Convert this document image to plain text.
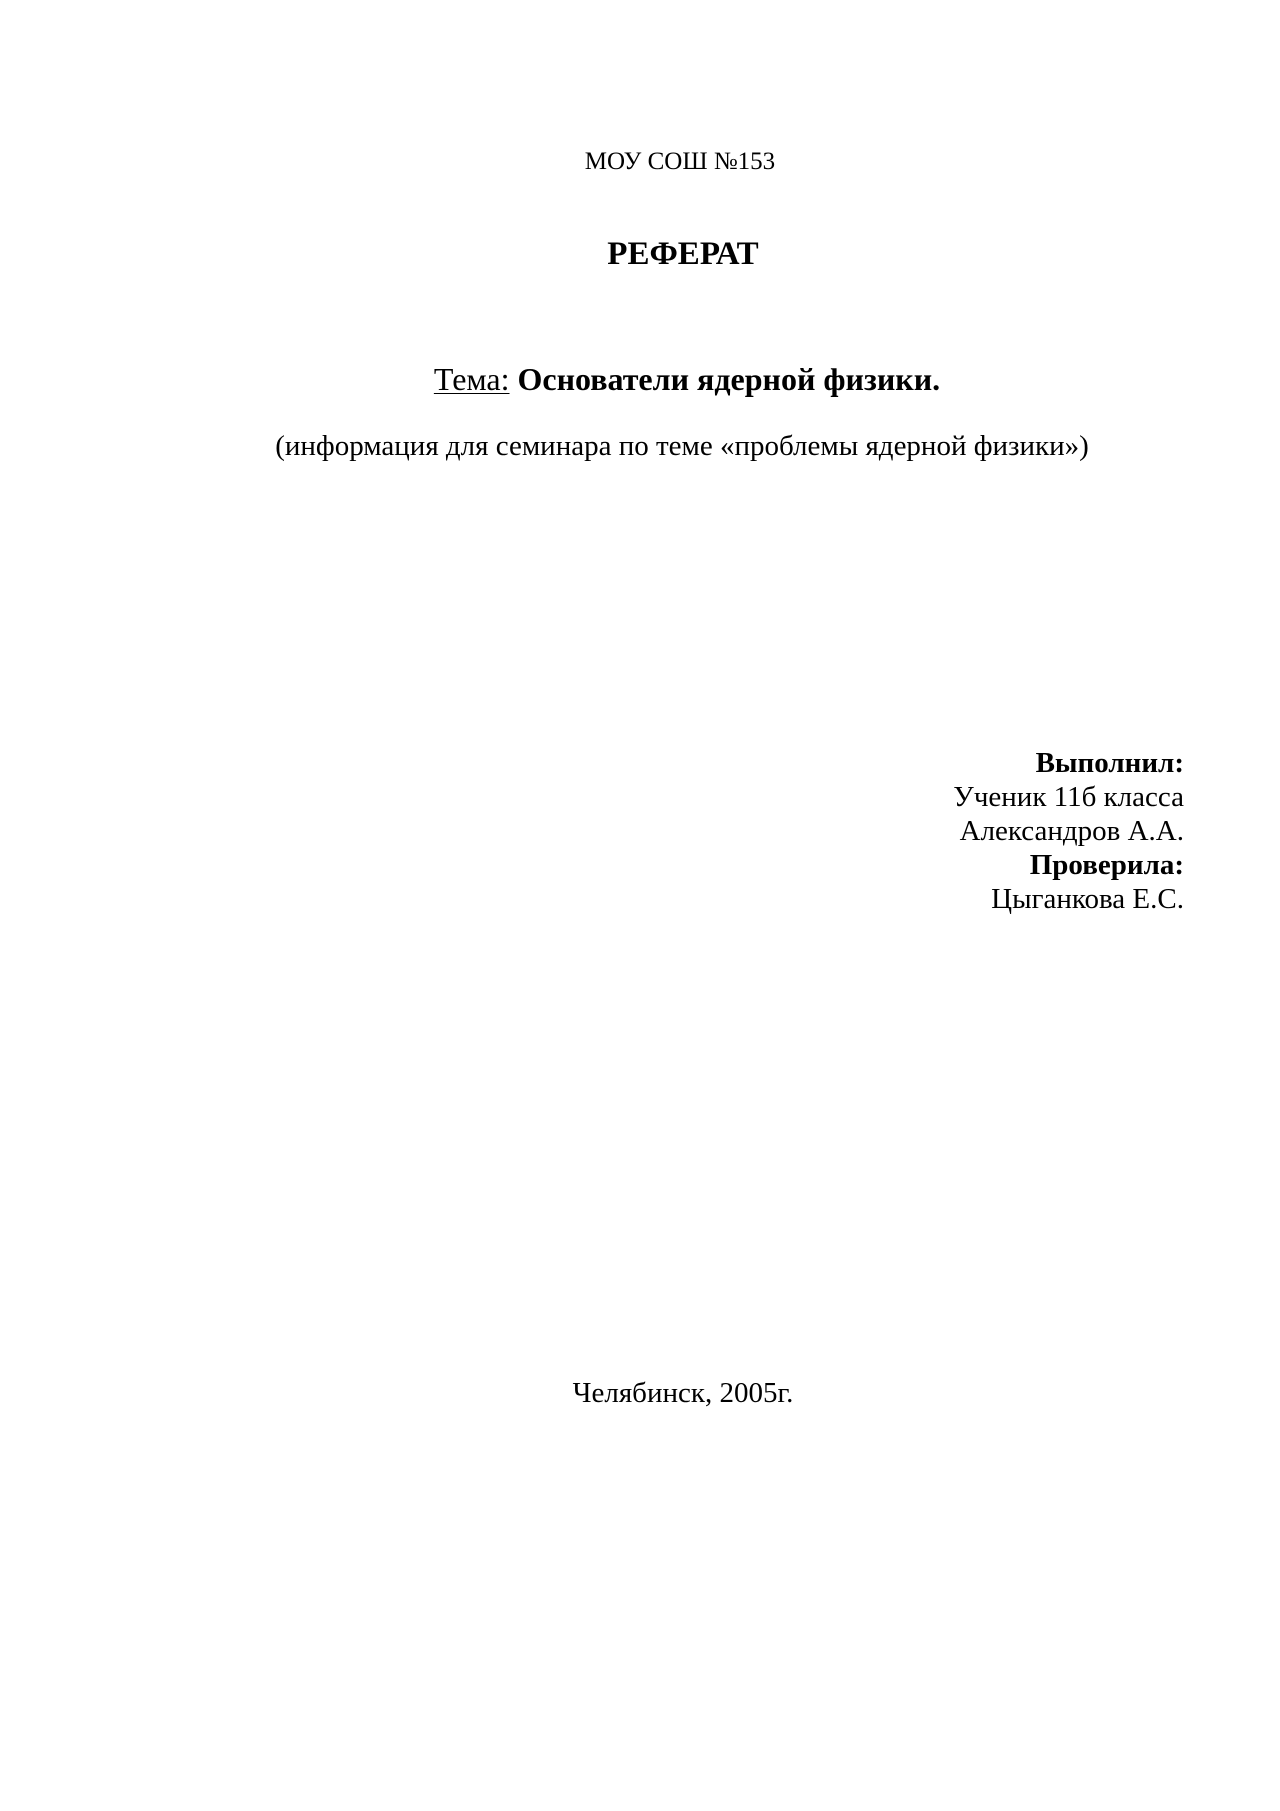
МОУ СОШ №153
РЕФЕРАТ
Тема: Основатели ядерной физики.
(информация для семинара по теме «проблемы ядерной физики»)
Выполнил:
Ученик 11б класса
Александров А.А.
Проверила:
Цыганкова Е.С.
Челябинск, 2005г.
